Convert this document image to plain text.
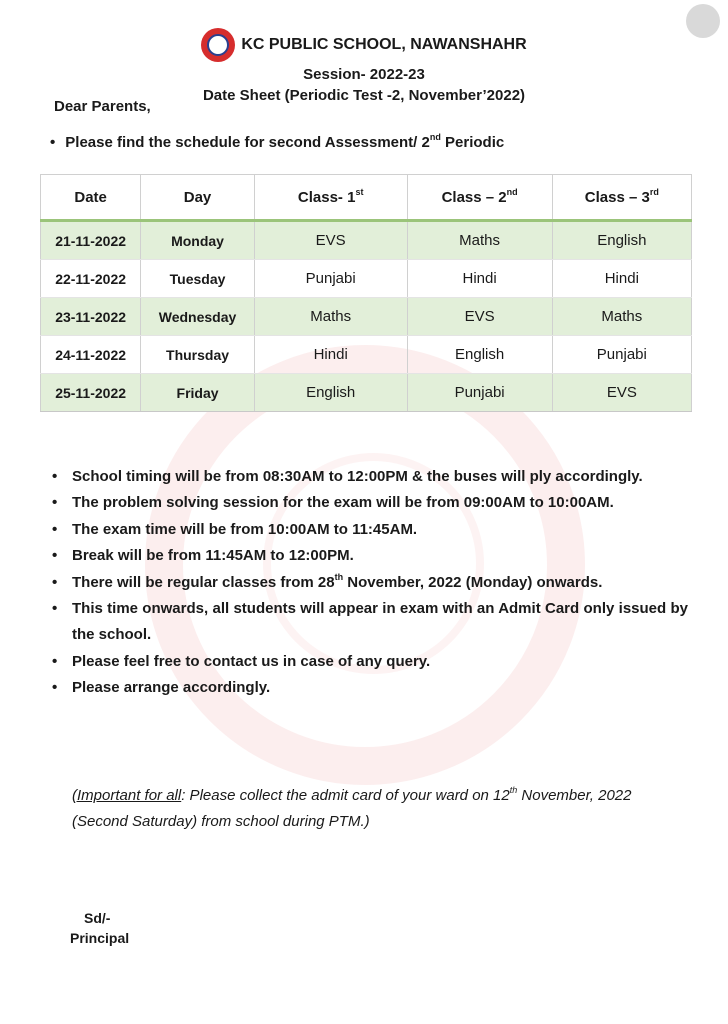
KC PUBLIC SCHOOL, NAWANSHAHR
Session- 2022-23
Date Sheet (Periodic Test -2, November’2022)
Dear Parents,
• Please find the schedule for second Assessment/ 2nd Periodic
Date	Day	Class- 1st	Class – 2nd	Class – 3rd
21-11-2022	Monday	EVS	Maths	English
22-11-2022	Tuesday	Punjabi	Hindi	Hindi
23-11-2022	Wednesday	Maths	EVS	Maths
24-11-2022	Thursday	Hindi	English	Punjabi
25-11-2022	Friday	English	Punjabi	EVS
• School timing will be from 08:30AM to 12:00PM & the buses will ply accordingly.
• The problem solving session for the exam will be from 09:00AM to 10:00AM.
• The exam time will be from 10:00AM to 11:45AM.
• Break will be from 11:45AM to 12:00PM.
• There will be regular classes from 28th November, 2022 (Monday) onwards.
• This time onwards, all students will appear in exam with an Admit Card only issued by the school.
• Please feel free to contact us in case of any query.
• Please arrange accordingly.
(Important for all: Please collect the admit card of your ward on 12th November, 2022 (Second Saturday) from school during PTM.)
Sd/-
Principal
